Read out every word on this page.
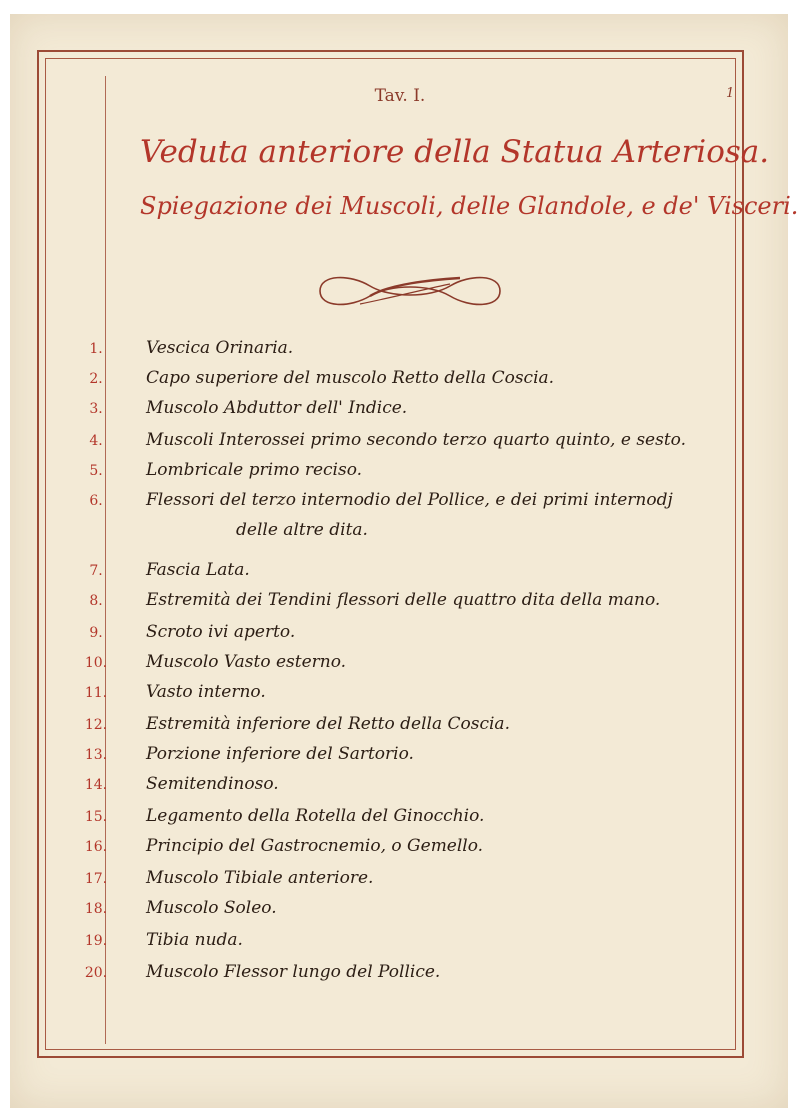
1
Tav. I.
Veduta anteriore della Statua Arteriosa.
Spiegazione dei Muscoli, delle Glandole, e de' Visceri.
1.	Vescica Orinaria.
2.	Capo superiore del muscolo Retto della Coscia.
3.	Muscolo Abduttor dell' Indice.
4.	Muscoli Interossei primo secondo terzo quarto quinto, e sesto.
5.	Lombricale primo reciso.
6.	Flessori del terzo internodio del Pollice, e dei primi internodj
delle altre dita.
7.	Fascia Lata.
8.	Estremità dei Tendini flessori delle quattro dita della mano.
9.	Scroto ivi aperto.
10.	Muscolo Vasto esterno.
11.	Vasto interno.
12.	Estremità inferiore del Retto della Coscia.
13.	Porzione inferiore del Sartorio.
14.	Semitendinoso.
15.	Legamento della Rotella del Ginocchio.
16.	Principio del Gastrocnemio, o Gemello.
17.	Muscolo Tibiale anteriore.
18.	Muscolo Soleo.
19.	Tibia nuda.
20.	Muscolo Flessor lungo del Pollice.
